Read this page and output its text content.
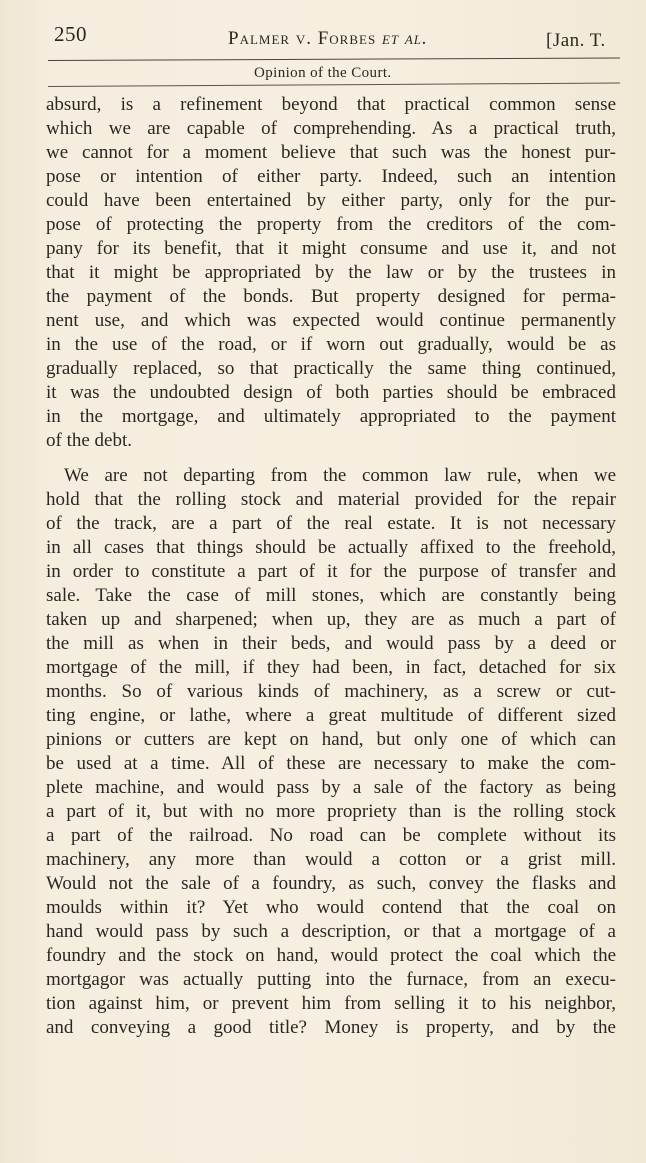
250	Palmer v. Forbes et al.	[Jan. T.
Opinion of the Court.
absurd, is a refinement beyond that practical common sense
which we are capable of comprehending. As a practical truth,
we cannot for a moment believe that such was the honest pur-
pose or intention of either party. Indeed, such an intention
could have been entertained by either party, only for the pur-
pose of protecting the property from the creditors of the com-
pany for its benefit, that it might consume and use it, and not
that it might be appropriated by the law or by the trustees in
the payment of the bonds. But property designed for perma-
nent use, and which was expected would continue permanently
in the use of the road, or if worn out gradually, would be as
gradually replaced, so that practically the same thing continued,
it was the undoubted design of both parties should be embraced
in the mortgage, and ultimately appropriated to the payment
of the debt.
We are not departing from the common law rule, when we
hold that the rolling stock and material provided for the repair
of the track, are a part of the real estate. It is not necessary
in all cases that things should be actually affixed to the freehold,
in order to constitute a part of it for the purpose of transfer and
sale. Take the case of mill stones, which are constantly being
taken up and sharpened; when up, they are as much a part of
the mill as when in their beds, and would pass by a deed or
mortgage of the mill, if they had been, in fact, detached for six
months. So of various kinds of machinery, as a screw or cut-
ting engine, or lathe, where a great multitude of different sized
pinions or cutters are kept on hand, but only one of which can
be used at a time. All of these are necessary to make the com-
plete machine, and would pass by a sale of the factory as being
a part of it, but with no more propriety than is the rolling stock
a part of the railroad. No road can be complete without its
machinery, any more than would a cotton or a grist mill.
Would not the sale of a foundry, as such, convey the flasks and
moulds within it? Yet who would contend that the coal on
hand would pass by such a description, or that a mortgage of a
foundry and the stock on hand, would protect the coal which the
mortgagor was actually putting into the furnace, from an execu-
tion against him, or prevent him from selling it to his neighbor,
and conveying a good title? Money is property, and by the
